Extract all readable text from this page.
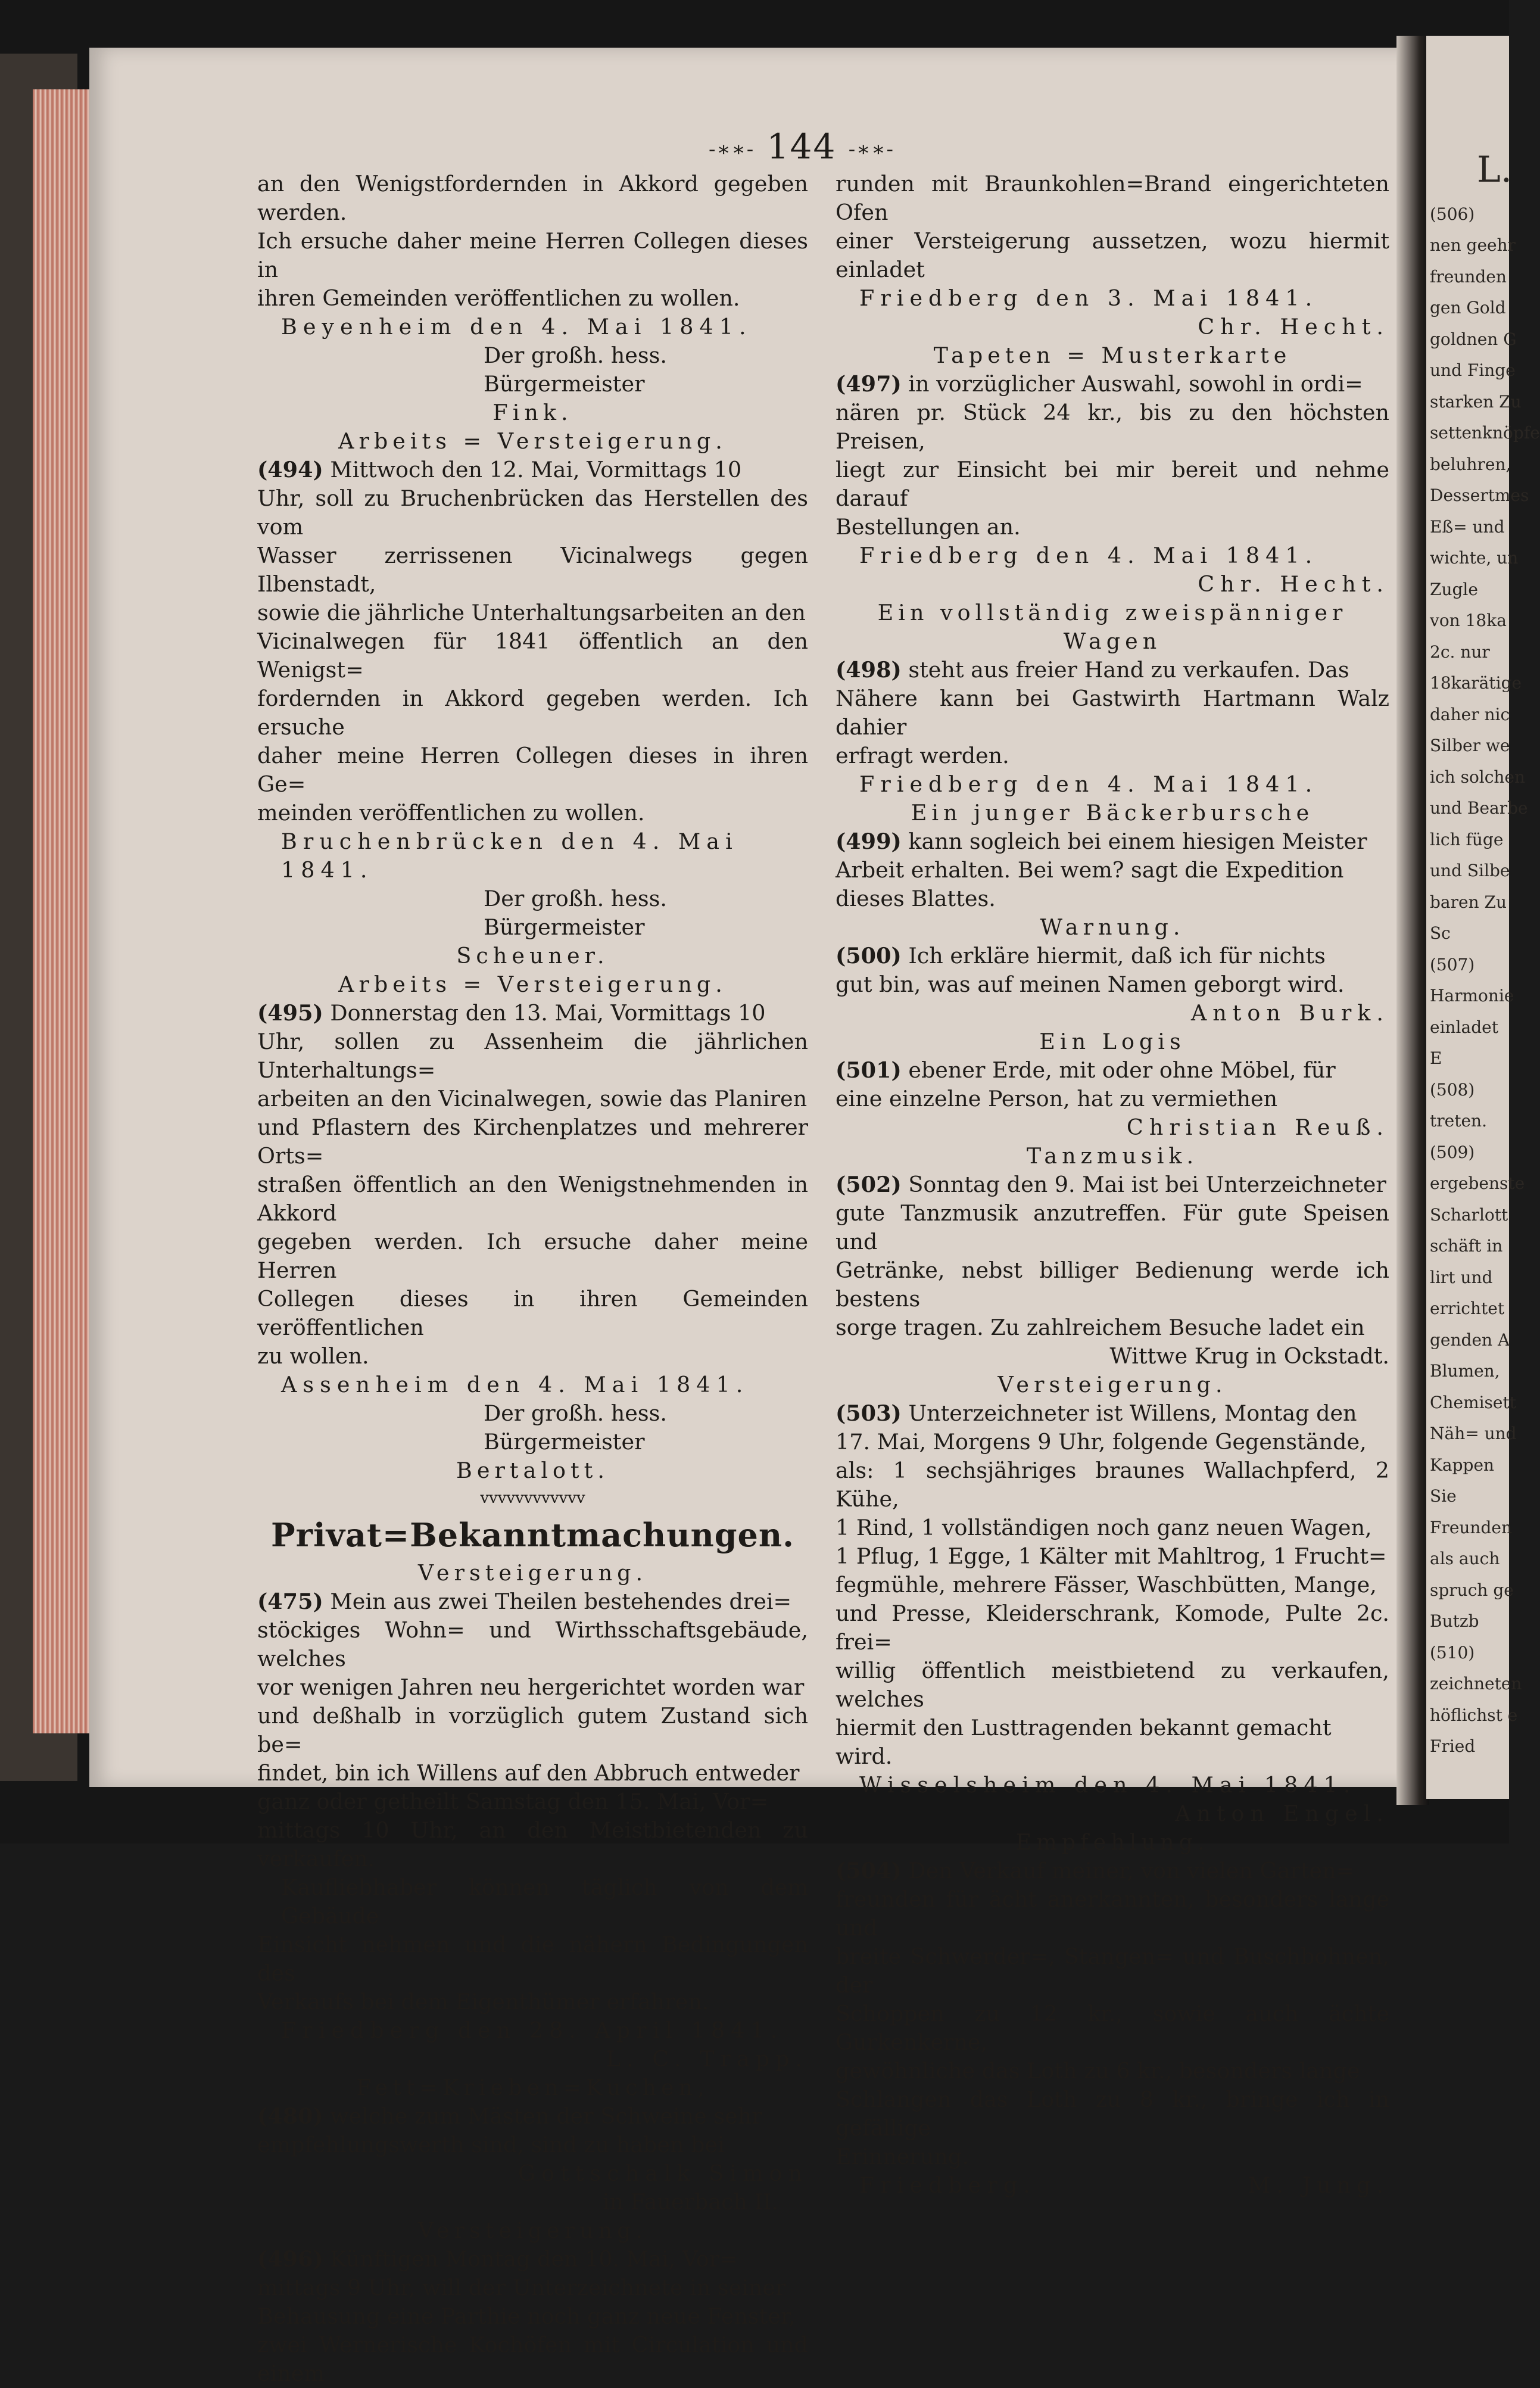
L.
(506)
nen geehr
freunden
gen Gold
goldnen G
und Finge
starken Zu
settenknöpfe
beluhren,
Dessertmes
Eß= und
wichte, un
Zugle
von 18ka
2c. nur
18karätige
daher nic
Silber we
ich solchen
und Bearbe
lich füge
und Silbe
baren Zu
Sc
(507)
Harmonie
einladet
E
(508)
treten.
(509)
ergebenste
Scharlott
schäft in
lirt und
errichtet
genden A
Blumen,
Chemisett
Näh= und
Kappen
Sie
Freunden
als auch
spruch ge
Butzb
(510)
zeichneten
höflichst e
Fried
-∗∗- 144 -∗∗-

an den Wenigstfordernden in Akkord gegeben werden.

Ich ersuche daher meine Herren Collegen dieses in

ihren Gemeinden veröffentlichen zu wollen.

Beyenheim den 4. Mai 1841.

Der großh. hess. Bürgermeister

Fink.

Arbeits = Versteigerung.

(494) Mittwoch den 12. Mai, Vormittags 10

Uhr, soll zu Bruchenbrücken das Herstellen des vom

Wasser zerrissenen Vicinalwegs gegen Ilbenstadt,

sowie die jährliche Unterhaltungsarbeiten an den

Vicinalwegen für 1841 öffentlich an den Wenigst=

fordernden in Akkord gegeben werden. Ich ersuche

daher meine Herren Collegen dieses in ihren Ge=

meinden veröffentlichen zu wollen.

Bruchenbrücken den 4. Mai 1841.

Der großh. hess. Bürgermeister

Scheuner.

Arbeits = Versteigerung.

(495) Donnerstag den 13. Mai, Vormittags 10

Uhr, sollen zu Assenheim die jährlichen Unterhaltungs=

arbeiten an den Vicinalwegen, sowie das Planiren

und Pflastern des Kirchenplatzes und mehrerer Orts=

straßen öffentlich an den Wenigstnehmenden in Akkord

gegeben werden. Ich ersuche daher meine Herren

Collegen dieses in ihren Gemeinden veröffentlichen

zu wollen.

Assenheim den 4. Mai 1841.

Der großh. hess. Bürgermeister

Bertalott.

vvvvvvvvvvvv

Privat=Bekanntmachungen.

Versteigerung.

(475) Mein aus zwei Theilen bestehendes drei=

stöckiges Wohn= und Wirthsschaftsgebäude, welches

vor wenigen Jahren neu hergerichtet worden war

und deßhalb in vorzüglich gutem Zustand sich be=

findet, bin ich Willens auf den Abbruch entweder

ganz oder getheilt Samstag den 15. Mai, Vor=

mittags 10 Uhr, an den Meistbietenden zu verkaufen.

Kaufliebhaber können täglich von dem Gebäude

Einsicht nehmen und die nähern Bedingungen des

Verkaufs bei dem Eigenthümer erfahren.

Friedberg den 28. April 1841.

L. C. Trapp.

Fett=Krieben=Kuchen,

(480) welche zum Mästen der Schweine sehr

empfehlungswerth sind, sind zu haben bei

Gottschalk Simon

in Fauerbach II.

Versteigerung.

(496) Künftigen Montag den 10. Mai, Vor=

mittags 9 Uhr, will der Unterzeichnete in seiner

Behausung eine Parthie noch ganz neue Fenster,

zwei Wernerische Kochöfen mit Circulation und einem

runden mit Braunkohlen=Brand eingerichteten Ofen

einer Versteigerung aussetzen, wozu hiermit einladet

Friedberg den 3. Mai 1841.

Chr. Hecht.

Tapeten = Musterkarte

(497) in vorzüglicher Auswahl, sowohl in ordi=

nären pr. Stück 24 kr., bis zu den höchsten Preisen,

liegt zur Einsicht bei mir bereit und nehme darauf

Bestellungen an.

Friedberg den 4. Mai 1841.

Chr. Hecht.

Ein vollständig zweispänniger Wagen

(498) steht aus freier Hand zu verkaufen. Das

Nähere kann bei Gastwirth Hartmann Walz dahier

erfragt werden.

Friedberg den 4. Mai 1841.

Ein junger Bäckerbursche

(499) kann sogleich bei einem hiesigen Meister

Arbeit erhalten. Bei wem? sagt die Expedition

dieses Blattes.

Warnung.

(500) Ich erkläre hiermit, daß ich für nichts

gut bin, was auf meinen Namen geborgt wird.

Anton Burk.

Ein Logis

(501) ebener Erde, mit oder ohne Möbel, für

eine einzelne Person, hat zu vermiethen

Christian Reuß.

Tanzmusik.

(502) Sonntag den 9. Mai ist bei Unterzeichneter

gute Tanzmusik anzutreffen. Für gute Speisen und

Getränke, nebst billiger Bedienung werde ich bestens

sorge tragen. Zu zahlreichem Besuche ladet ein

Wittwe Krug in Ockstadt.

Versteigerung.

(503) Unterzeichneter ist Willens, Montag den

17. Mai, Morgens 9 Uhr, folgende Gegenstände,

als: 1 sechsjähriges braunes Wallachpferd, 2 Kühe,

1 Rind, 1 vollständigen noch ganz neuen Wagen,

1 Pflug, 1 Egge, 1 Kälter mit Mahltrog, 1 Frucht=

fegmühle, mehrere Fässer, Waschbütten, Mange,

und Presse, Kleiderschrank, Komode, Pulte 2c. frei=

willig öffentlich meistbietend zu verkaufen, welches

hiermit den Lusttragenden bekannt gemacht wird.

Wisselsheim den 4. Mai 1841.

Anton Engel.

Empfehlung.

(504) Den Verkauf meiner, von vielen Garten=

freunden für ächt anerkannten, besonders lange und

breite Schwerder=, Stangen= und Buschbohnen, der

Schoppen zu 12 kr., sowie auch ächte Gurkenkerne,

gewöhnliche das Loth zu 6 kr., besonders lange

Schlangen das Loth zu 8 kr., bringe ich in gefällige

Erinnerung.

Friedberg.	M. Jung.
